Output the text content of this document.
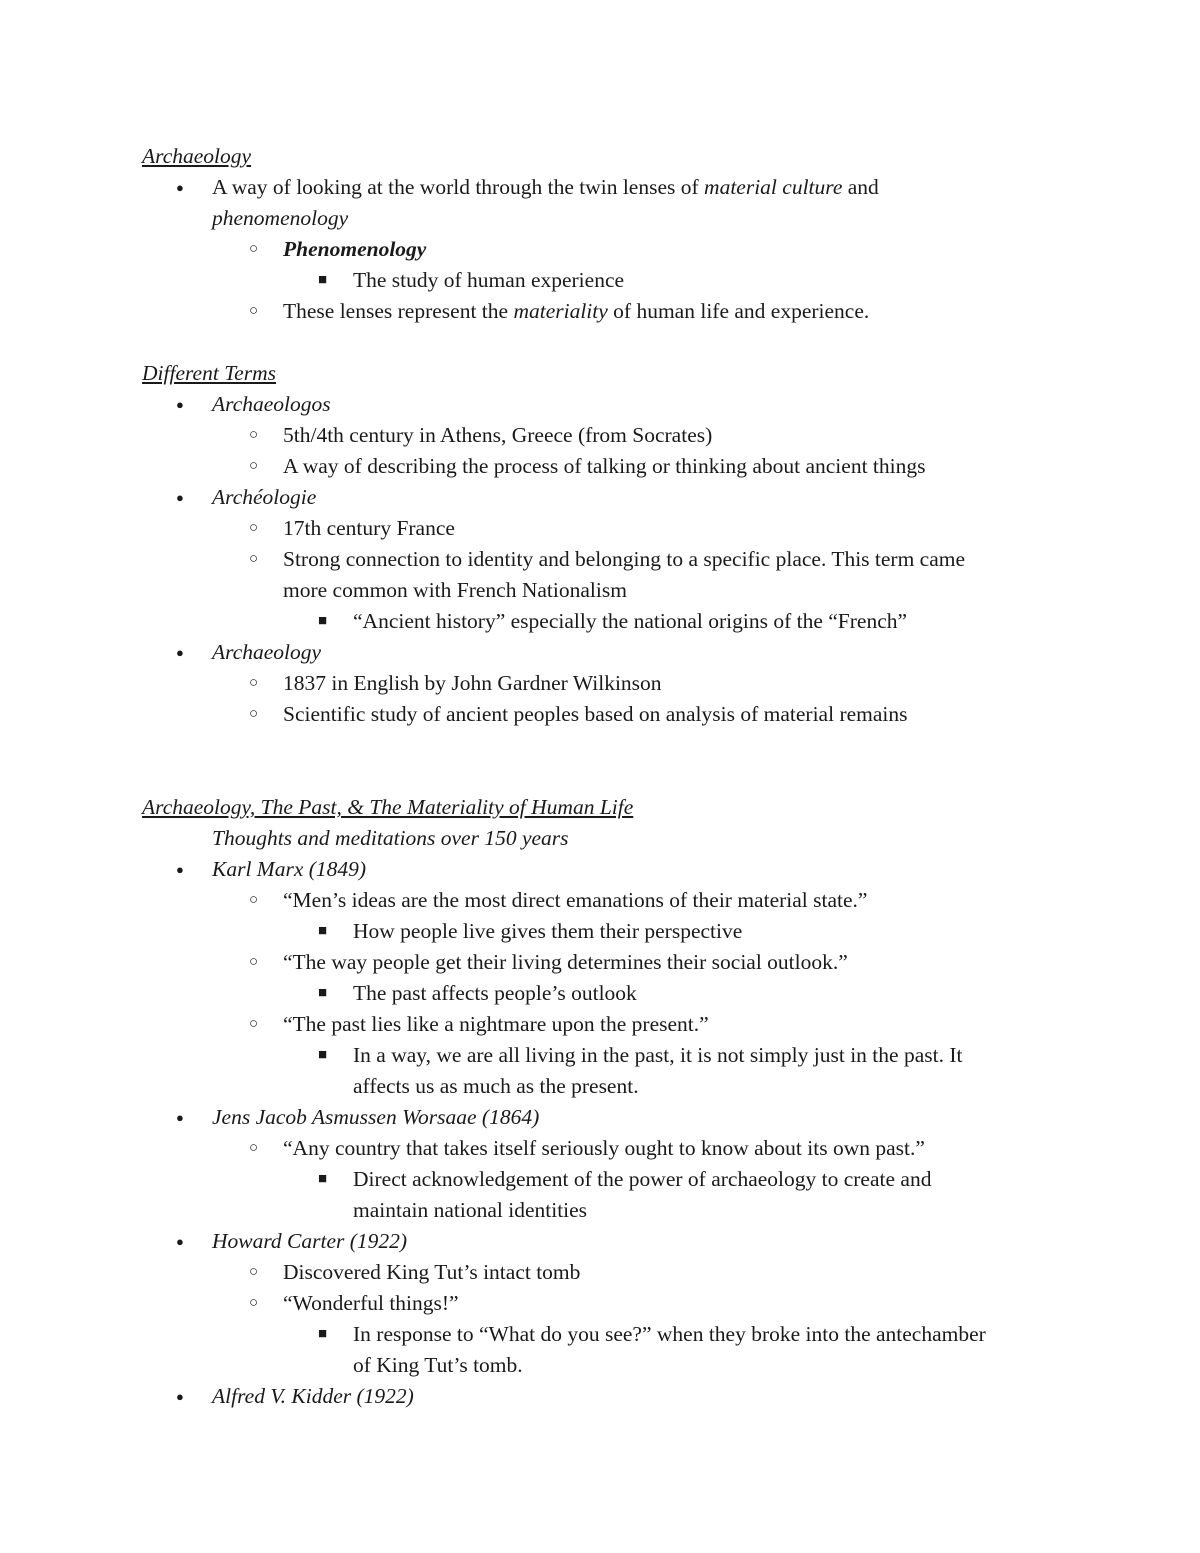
Archaeology
● A way of looking at the world through the twin lenses of material culture and
phenomenology
○ Phenomenology
■ The study of human experience
○ These lenses represent the materiality of human life and experience.
Different Terms
● Archaeologos
○ 5th/4th century in Athens, Greece (from Socrates)
○ A way of describing the process of talking or thinking about ancient things
● Archéologie
○ 17th century France
○ Strong connection to identity and belonging to a specific place. This term came
more common with French Nationalism
■ “Ancient history” especially the national origins of the “French”
● Archaeology
○ 1837 in English by John Gardner Wilkinson
○ Scientific study of ancient peoples based on analysis of material remains
Archaeology, The Past, & The Materiality of Human Life
Thoughts and meditations over 150 years
● Karl Marx (1849)
○ “Men’s ideas are the most direct emanations of their material state.”
■ How people live gives them their perspective
○ “The way people get their living determines their social outlook.”
■ The past affects people’s outlook
○ “The past lies like a nightmare upon the present.”
■ In a way, we are all living in the past, it is not simply just in the past. It
affects us as much as the present.
● Jens Jacob Asmussen Worsaae (1864)
○ “Any country that takes itself seriously ought to know about its own past.”
■ Direct acknowledgement of the power of archaeology to create and
maintain national identities
● Howard Carter (1922)
○ Discovered King Tut’s intact tomb
○ “Wonderful things!”
■ In response to “What do you see?” when they broke into the antechamber
of King Tut’s tomb.
● Alfred V. Kidder (1922)
